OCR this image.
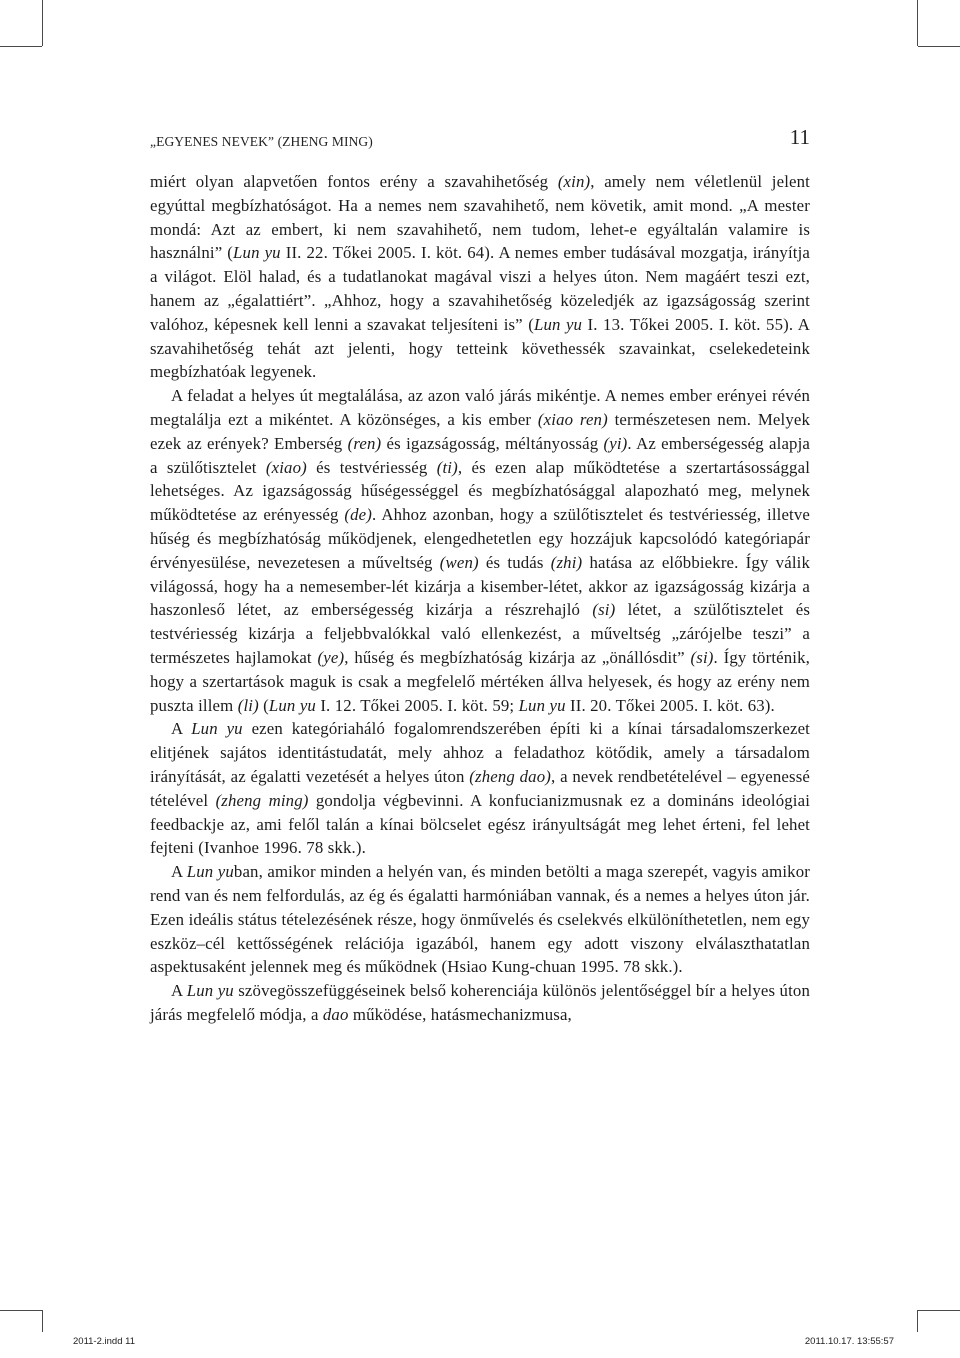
„EGYENES NEVEK” (ZHENG MING)	11

miért olyan alapvetően fontos erény a szavahihetőség (xin), amely nem véletlenül jelent egyúttal megbízhatóságot. Ha a nemes nem szavahihető, nem követik, amit mond. „A mester mondá: Azt az embert, ki nem szavahihető, nem tudom, lehet-e egyáltalán valamire is használni” (Lun yu II. 22. Tőkei 2005. I. köt. 64). A nemes ember tudásával mozgatja, irányítja a világot. Elöl halad, és a tudatlanokat magával viszi a helyes úton. Nem magáért teszi ezt, hanem az „égalattiért”. „Ahhoz, hogy a szavahihetőség közeledjék az igazságosság szerint valóhoz, képesnek kell lenni a szavakat teljesíteni is” (Lun yu I. 13. Tőkei 2005. I. köt. 55). A szavahihetőség tehát azt jelenti, hogy tetteink követhessék szavainkat, cselekedeteink megbízhatóak legyenek.

A feladat a helyes út megtalálása, az azon való járás mikéntje. A nemes ember erényei révén megtalálja ezt a mikéntet. A közönséges, a kis ember (xiao ren) természetesen nem. Melyek ezek az erények? Emberség (ren) és igazságosság, méltányosság (yi). Az emberségesség alapja a szülőtisztelet (xiao) és testvériesség (ti), és ezen alap működtetése a szertartásossággal lehetséges. Az igazságosság hűségességgel és megbízhatósággal alapozható meg, melynek működtetése az erényesség (de). Ahhoz azonban, hogy a szülőtisztelet és testvériesség, illetve hűség és megbízhatóság működjenek, elengedhetetlen egy hozzájuk kapcsolódó kategóriapár érvényesülése, nevezetesen a műveltség (wen) és tudás (zhi) hatása az előbbiekre. Így válik világossá, hogy ha a nemesember-lét kizárja a kisember-létet, akkor az igazságosság kizárja a haszonleső létet, az emberségesség kizárja a részrehajló (si) létet, a szülőtisztelet és testvériesség kizárja a feljebbvalókkal való ellenkezést, a műveltség „zárójelbe teszi” a természetes hajlamokat (ye), hűség és megbízhatóság kizárja az „önállósdit” (si). Így történik, hogy a szertartások maguk is csak a megfelelő mértéken állva helyesek, és hogy az erény nem puszta illem (li) (Lun yu I. 12. Tőkei 2005. I. köt. 59; Lun yu II. 20. Tőkei 2005. I. köt. 63).

A Lun yu ezen kategóriaháló fogalomrendszerében építi ki a kínai társadalomszerkezet elitjének sajátos identitástudatát, mely ahhoz a feladathoz kötődik, amely a társadalom irányítását, az égalatti vezetését a helyes úton (zheng dao), a nevek rendbetételével – egyenessé tételével (zheng ming) gondolja végbevinni. A konfucianizmusnak ez a domináns ideológiai feedbackje az, ami felől talán a kínai bölcselet egész irányultságát meg lehet érteni, fel lehet fejteni (Ivanhoe 1996. 78 skk.).

A Lun yuban, amikor minden a helyén van, és minden betölti a maga szerepét, vagyis amikor rend van és nem felfordulás, az ég és égalatti harmóniában vannak, és a nemes a helyes úton jár. Ezen ideális státus tételezésének része, hogy önművelés és cselekvés elkülöníthetetlen, nem egy eszköz–cél kettősségének relációja igazából, hanem egy adott viszony elválaszthatatlan aspektusaként jelennek meg és működnek (Hsiao Kung-chuan 1995. 78 skk.).

A Lun yu szövegösszefüggéseinek belső koherenciája különös jelentőséggel bír a helyes úton járás megfelelő módja, a dao működése, hatásmechanizmusa,

2011-2.indd 11	2011.10.17. 13:55:57
